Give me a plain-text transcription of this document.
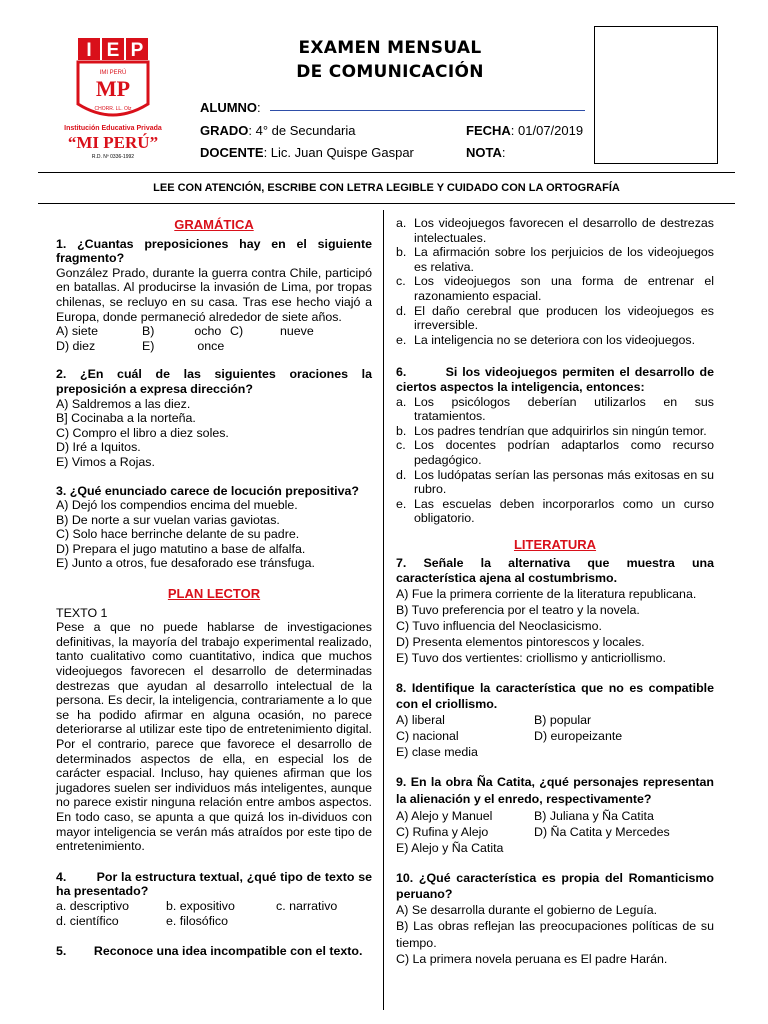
I E P
IMI PERÚ
MP
CHORR. LL. Olz
Institución Educativa Privada
“MI PERÚ”
R.D. Nº 0336-1992
EXAMEN MENSUAL
DE COMUNICACIÓN
ALUMNO:
GRADO: 4° de Secundaria	FECHA: 01/07/2019
DOCENTE: Lic. Juan Quispe Gaspar	NOTA:
LEE CON ATENCIÓN, ESCRIBE CON LETRA LEGIBLE Y CUIDADO CON LA ORTOGRAFÍA
GRAMÁTICA
1. ¿Cuantas preposiciones hay en el siguiente fragmento?
González Prado, durante la guerra contra Chile, participó en batallas. Al producirse la invasión de Lima, por tropas chilenas, se recluyo en su casa. Tras ese hecho viajó a Europa, donde permaneció alrededor de siete años.
A) siete	B)	ocho C)	nueve
D) diez	E)	once
2. ¿En cuál de las siguientes oraciones la preposición a expresa dirección?
A) Saldremos a las diez.
B] Cocinaba a la norteña.
C) Compro el libro a diez soles.
D) Iré a Iquitos.
E) Vimos a Rojas.
3. ¿Qué enunciado carece de locución prepositiva?
A) Dejó los compendios encima del mueble.
B) De norte a sur vuelan varias gaviotas.
C) Solo hace berrinche delante de su padre.
D) Prepara el jugo matutino a base de alfalfa.
E) Junto a otros, fue desaforado ese tránsfuga.
PLAN LECTOR
TEXTO 1
Pese a que no puede hablarse de investigaciones definitivas, la mayoría del trabajo experimental realizado, tanto cualitativo como cuantitativo, indica que muchos videojuegos favorecen el desarrollo de determinadas destrezas que ayudan al desarrollo intelectual de la persona. Es decir, la inteligencia, contrariamente a lo que se ha podido afirmar en alguna ocasión, no parece deteriorarse al utilizar este tipo de entretenimiento digital. Por el contrario, parece que favorece el desarrollo de determinados aspectos de ella, en especial los de carácter espacial. Incluso, hay quienes afirman que los jugadores suelen ser individuos más inteligentes, aunque no parece existir ninguna relación entre ambos aspectos. En todo caso, se apunta a que quizá los in-dividuos con mayor inteligencia se verán más atraídos por este tipo de entretenimiento.
4.        Por la estructura textual, ¿qué tipo de texto se ha presentado?
a. descriptivo	b. expositivo	c. narrativo
d. científico	e. filosófico
5.        Reconoce una idea incompatible con el texto.
a. Los videojuegos favorecen el desarrollo de destrezas intelectuales.
b. La afirmación sobre los perjuicios de los videojuegos es relativa.
c. Los videojuegos son una forma de entrenar el razonamiento espacial.
d. El daño cerebral que producen los videojuegos es irreversible.
e. La inteligencia no se deteriora con los videojuegos.
6.        Si los videojuegos permiten el desarrollo de ciertos aspectos la inteligencia, entonces:
a. Los psicólogos deberían utilizarlos en sus tratamientos.
b. Los padres tendrían que adquirirlos sin ningún temor.
c. Los docentes podrían adaptarlos como recurso pedagógico.
d. Los ludópatas serían las personas más exitosas en su rubro.
e. Las escuelas deben incorporarlos como un curso obligatorio.
LITERATURA
7. Señale la alternativa que muestra una característica ajena al costumbrismo.
A) Fue la primera corriente de la literatura republicana.
B) Tuvo preferencia por el teatro y la novela.
C) Tuvo influencia del Neoclasicismo.
D) Presenta elementos pintorescos y locales.
E) Tuvo dos vertientes: criollismo y anticriollismo.
8. Identifique la característica que no es compatible con el criollismo.
A) liberal	B) popular
C) nacional	D) europeizante
E) clase media
9. En la obra Ña Catita, ¿qué personajes representan la alienación y el enredo, respectivamente?
A) Alejo y Manuel	B) Juliana y Ña Catita
C) Rufina y Alejo	D) Ña Catita y Mercedes
E) Alejo y Ña Catita
10. ¿Qué característica es propia del Romanticismo peruano?
A) Se desarrolla durante el gobierno de Leguía.
B) Las obras reflejan las preocupaciones políticas de su tiempo.
C) La primera novela peruana es El padre Harán.
